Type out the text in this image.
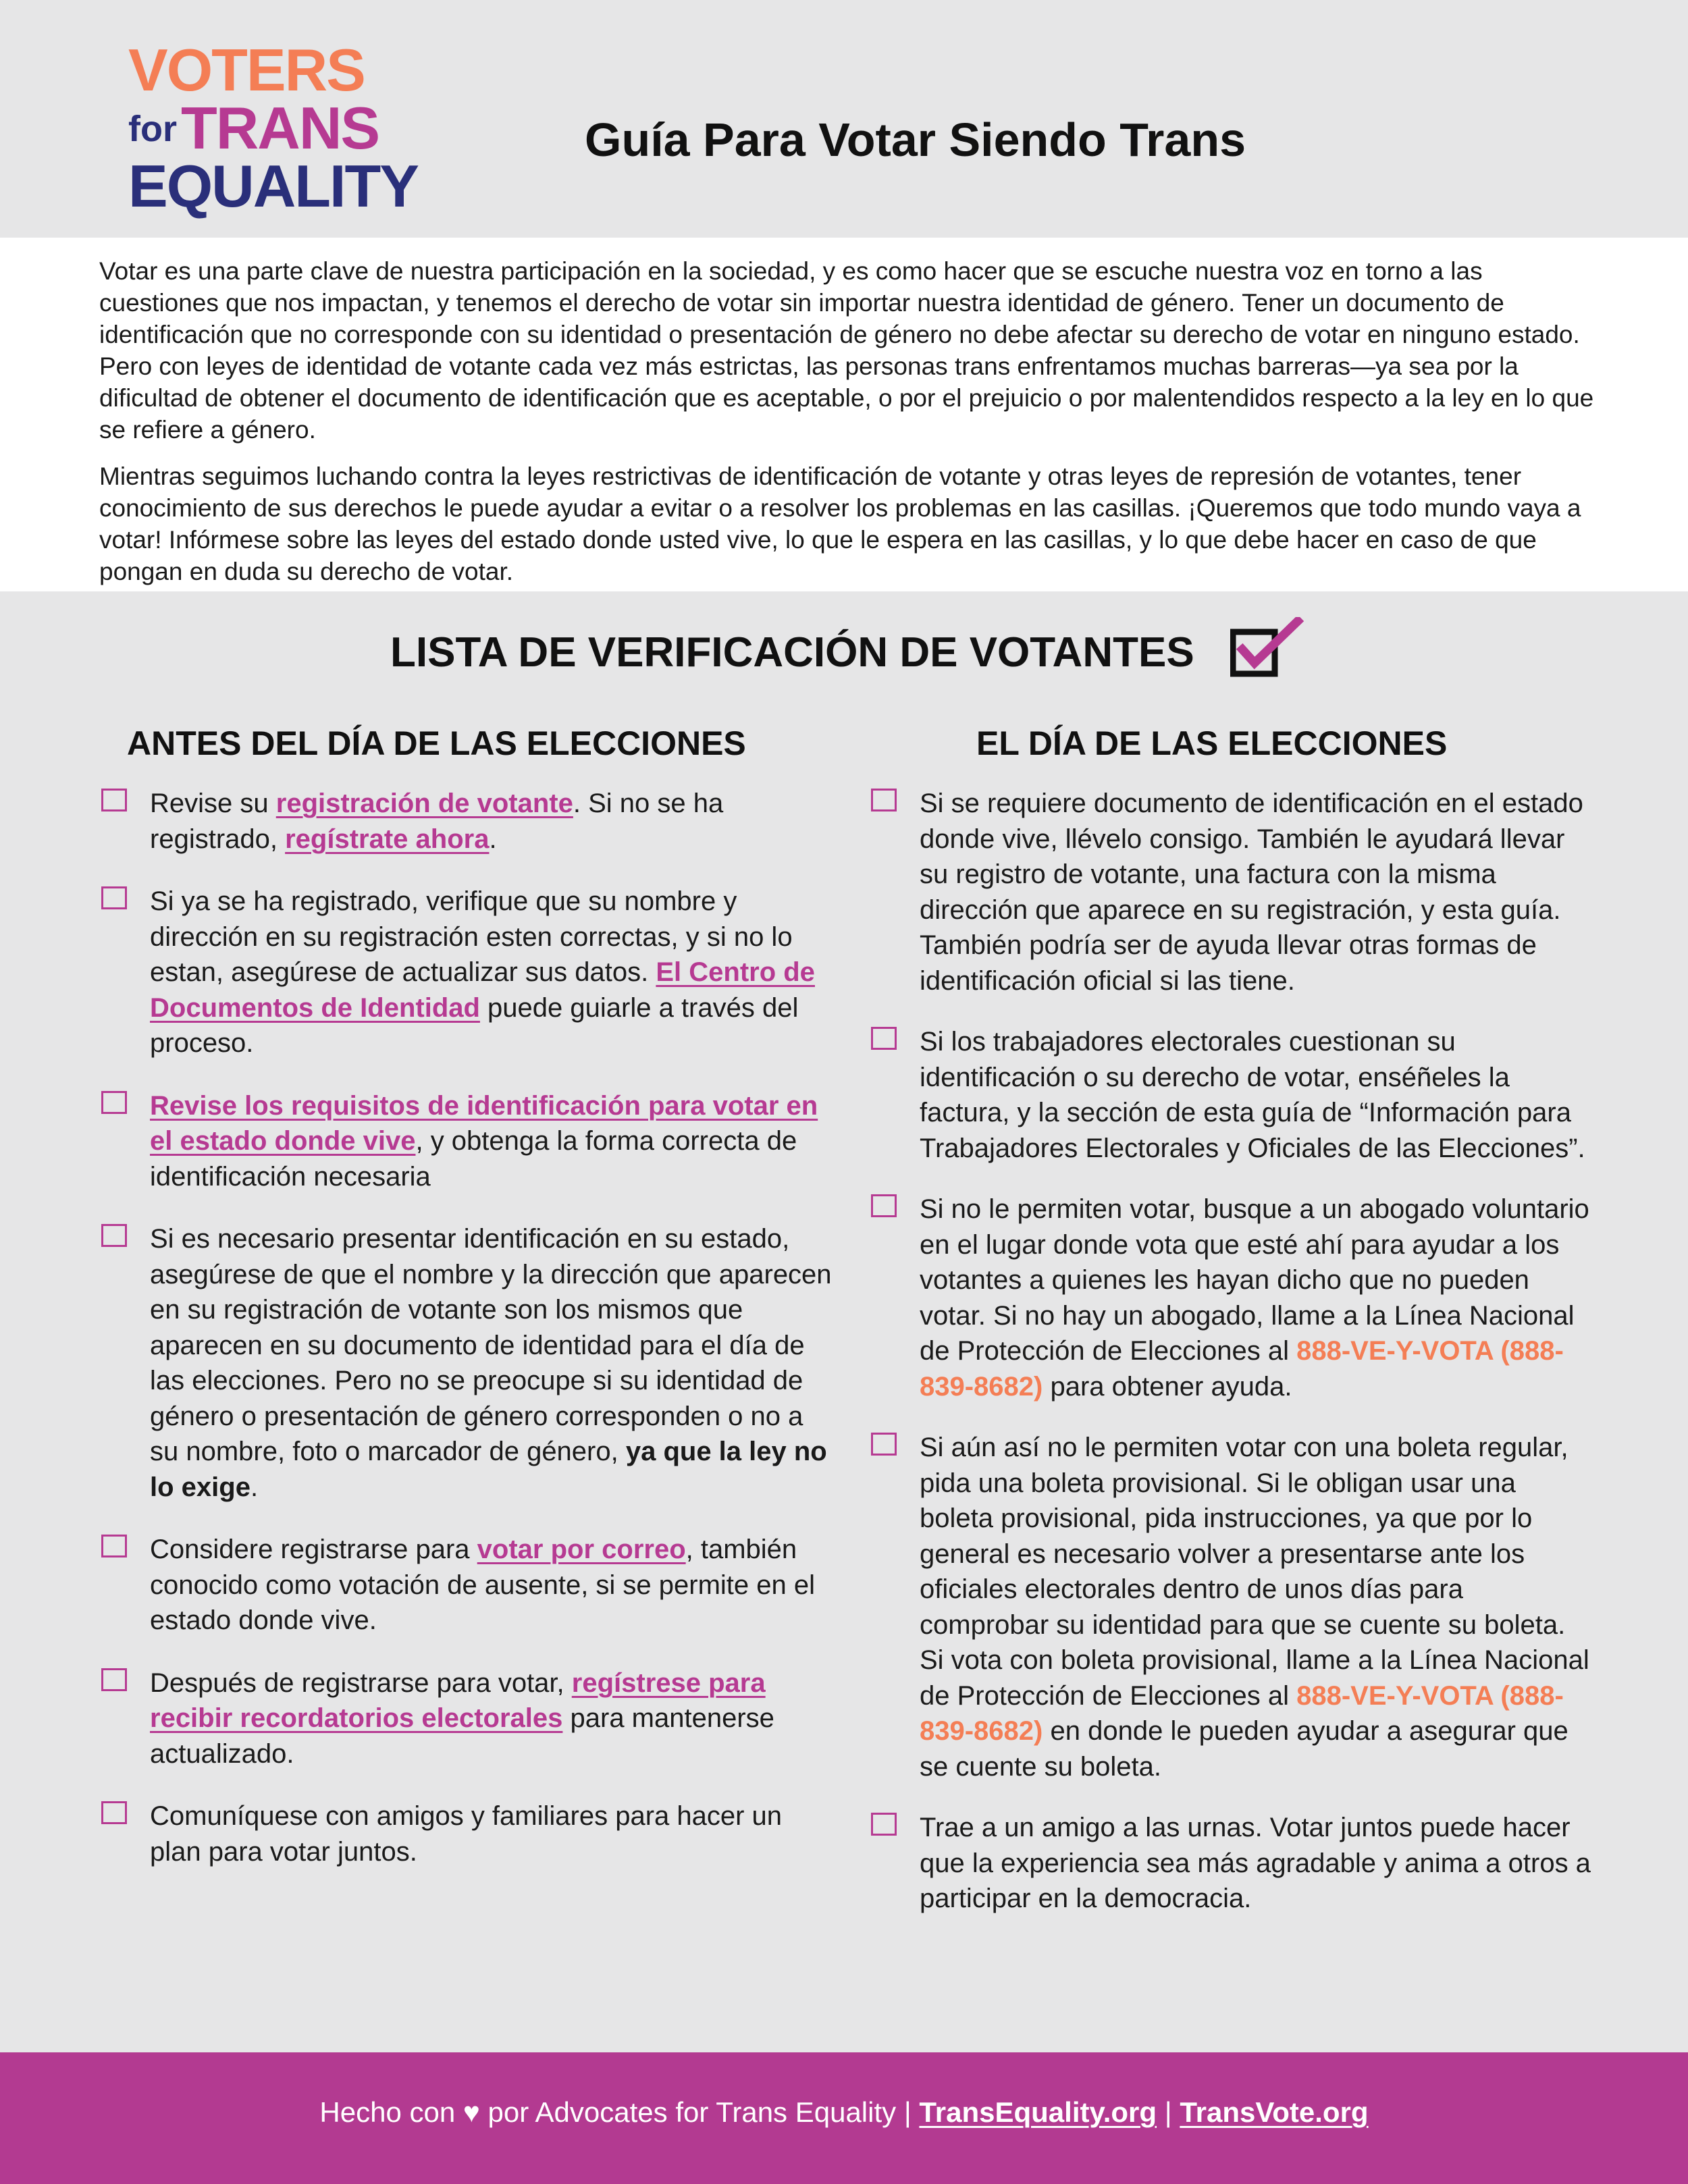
VOTERS
for TRANS
EQUALITY
Guía Para Votar Siendo Trans

Votar es una parte clave de nuestra participación en la sociedad, y es como hacer que se escuche nuestra voz en torno a las cuestiones que nos impactan, y tenemos el derecho de votar sin importar nuestra identidad de género. Tener un documento de identificación que no corresponde con su identidad o presentación de género no debe afectar su derecho de votar en ninguno estado. Pero con leyes de identidad de votante cada vez más estrictas, las personas trans enfrentamos muchas barreras—ya sea por la dificultad de obtener el documento de identificación que es aceptable, o por el prejuicio o por malentendidos respecto a la ley en lo que se refiere a género.

Mientras seguimos luchando contra la leyes restrictivas de identificación de votante y otras leyes de represión de votantes, tener conocimiento de sus derechos le puede ayudar a evitar o a resolver los problemas en las casillas. ¡Queremos que todo mundo vaya a votar! Infórmese sobre las leyes del estado donde usted vive, lo que le espera en las casillas, y lo que debe hacer en caso de que pongan en duda su derecho de votar.

LISTA DE VERIFICACIÓN DE VOTANTES
ANTES DEL DÍA DE LAS ELECCIONES	EL DÍA DE LAS ELECCIONES
Revise su registración de votante. Si no se ha registrado, regístrate ahora.
Si ya se ha registrado, verifique que su nombre y dirección en su registración esten correctas, y si no lo estan, asegúrese de actualizar sus datos. El Centro de Documentos de Identidad puede guiarle a través del proceso.
Revise los requisitos de identificación para votar en el estado donde vive, y obtenga la forma correcta de identificación necesaria
Si es necesario presentar identificación en su estado, asegúrese de que el nombre y la dirección que aparecen en su registración de votante son los mismos que aparecen en su documento de identidad para el día de las elecciones. Pero no se preocupe si su identidad de género o presentación de género corresponden o no a su nombre, foto o marcador de género, ya que la ley no lo exige.
Considere registrarse para votar por correo, también conocido como votación de ausente, si se permite en el estado donde vive.
Después de registrarse para votar, regístrese para recibir recordatorios electorales para mantenerse actualizado.
Comuníquese con amigos y familiares para hacer un plan para votar juntos.
Si se requiere documento de identificación en el estado donde vive, llévelo consigo. También le ayudará llevar su registro de votante, una factura con la misma dirección que aparece en su registración, y esta guía. También podría ser de ayuda llevar otras formas de identificación oficial si las tiene.
Si los trabajadores electorales cuestionan su identificación o su derecho de votar, enséñeles la factura, y la sección de esta guía de “Información para Trabajadores Electorales y Oficiales de las Elecciones”.
Si no le permiten votar, busque a un abogado voluntario en el lugar donde vota que esté ahí para ayudar a los votantes a quienes les hayan dicho que no pueden votar. Si no hay un abogado, llame a la Línea Nacional de Protección de Elecciones al 888-VE-Y-VOTA (888-839-8682) para obtener ayuda.
Si aún así no le permiten votar con una boleta regular, pida una boleta provisional. Si le obligan usar una boleta provisional, pida instrucciones, ya que por lo general es necesario volver a presentarse ante los oficiales electorales dentro de unos días para comprobar su identidad para que se cuente su boleta. Si vota con boleta provisional, llame a la Línea Nacional de Protección de Elecciones al 888-VE-Y-VOTA (888-839-8682) en donde le pueden ayudar a asegurar que se cuente su boleta.
Trae a un amigo a las urnas. Votar juntos puede hacer que la experiencia sea más agradable y anima a otros a participar en la democracia.
Hecho con ♥ por Advocates for Trans Equality | TransEquality.org | TransVote.org
